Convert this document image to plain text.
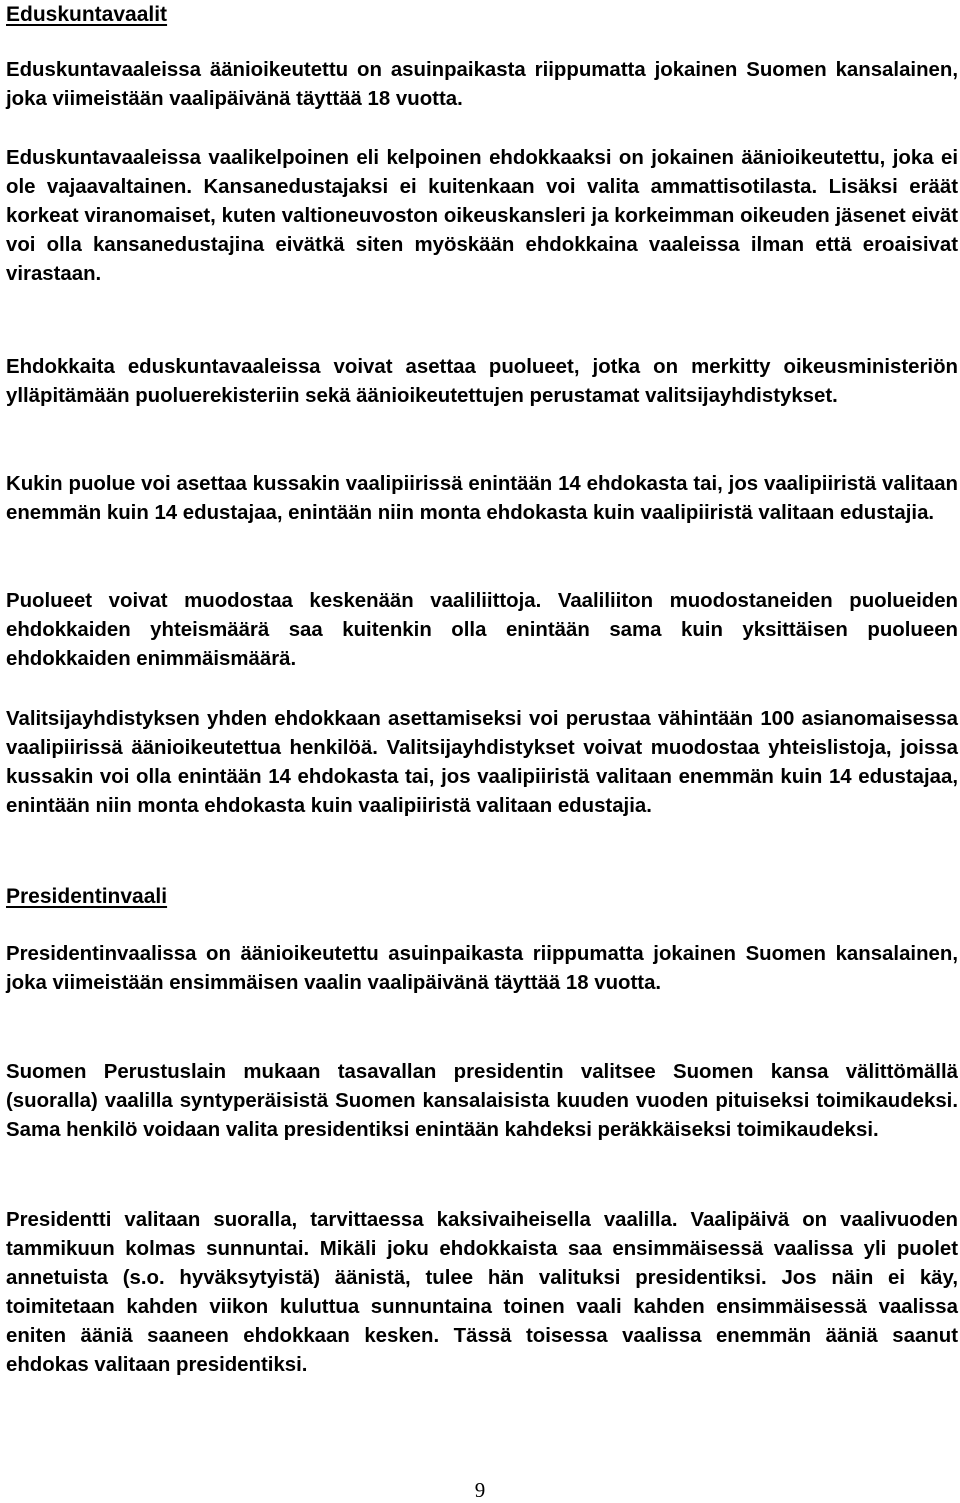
Eduskuntavaalit

Eduskuntavaaleissa äänioikeutettu on asuinpaikasta riippumatta jokainen Suomen kansalainen, joka viimeistään vaalipäivänä täyttää 18 vuotta.

Eduskuntavaaleissa vaalikelpoinen eli kelpoinen ehdokkaaksi on jokainen äänioikeutettu, joka ei ole vajaavaltainen. Kansanedustajaksi ei kuitenkaan voi valita ammattisotilasta. Lisäksi eräät korkeat viranomaiset, kuten valtioneuvoston oikeuskansleri ja korkeimman oikeuden jäsenet eivät voi olla kansanedustajina eivätkä siten myöskään ehdokkaina vaaleissa ilman että eroaisivat virastaan.

Ehdokkaita eduskuntavaaleissa voivat asettaa puolueet, jotka on merkitty oikeusministeriön ylläpitämään puoluerekisteriin sekä äänioikeutettujen perustamat valitsijayhdistykset.

Kukin puolue voi asettaa kussakin vaalipiirissä enintään 14 ehdokasta tai, jos vaalipiiristä valitaan enemmän kuin 14 edustajaa, enintään niin monta ehdokasta kuin vaalipiiristä valitaan edustajia.

Puolueet voivat muodostaa keskenään vaaliliittoja. Vaaliliiton muodostaneiden puolueiden ehdokkaiden yhteismäärä saa kuitenkin olla enintään sama kuin yksittäisen puolueen ehdokkaiden enimmäismäärä.

Valitsijayhdistyksen yhden ehdokkaan asettamiseksi voi perustaa vähintään 100 asianomaisessa vaalipiirissä äänioikeutettua henkilöä. Valitsijayhdistykset voivat muodostaa yhteislistoja, joissa kussakin voi olla enintään 14 ehdokasta tai, jos vaalipiiristä valitaan enemmän kuin 14 edustajaa, enintään niin monta ehdokasta kuin vaalipiiristä valitaan edustajia.

Presidentinvaali

Presidentinvaalissa on äänioikeutettu asuinpaikasta riippumatta jokainen Suomen kansalainen, joka viimeistään ensimmäisen vaalin vaalipäivänä täyttää 18 vuotta.

Suomen Perustuslain mukaan tasavallan presidentin valitsee Suomen kansa välittömällä (suoralla) vaalilla syntyperäisistä Suomen kansalaisista kuuden vuoden pituiseksi toimikaudeksi. Sama henkilö voidaan valita presidentiksi enintään kahdeksi peräkkäiseksi toimikaudeksi.

Presidentti valitaan suoralla, tarvittaessa kaksivaiheisella vaalilla. Vaalipäivä on vaalivuoden tammikuun kolmas sunnuntai. Mikäli joku ehdokkaista saa ensimmäisessä vaalissa yli puolet annetuista (s.o. hyväksytyistä) äänistä, tulee hän valituksi presidentiksi. Jos näin ei käy, toimitetaan kahden viikon kuluttua sunnuntaina toinen vaali kahden ensimmäisessä vaalissa eniten ääniä saaneen ehdokkaan kesken. Tässä toisessa vaalissa enemmän ääniä saanut ehdokas valitaan presidentiksi.

9
